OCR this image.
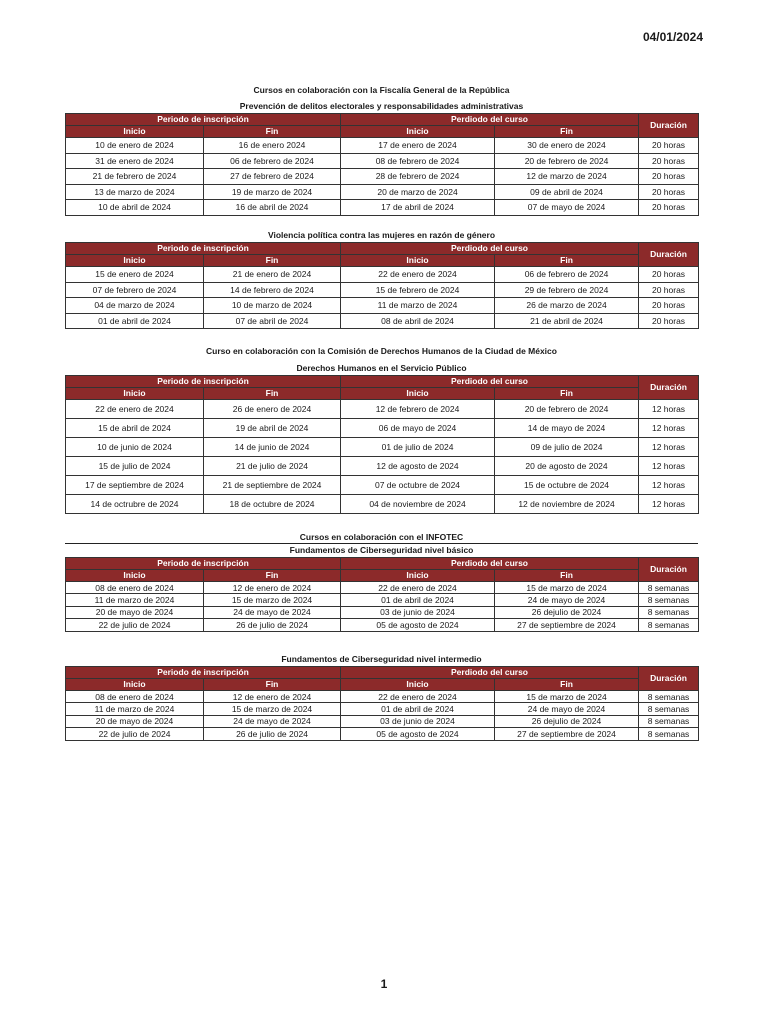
04/01/2024
Cursos en colaboración con la Fiscalía General de la República
Prevención de delitos electorales y responsabilidades administrativas
Periodo de inscripción		Perdiodo del curso		Duración
Inicio	Fin	Inicio	Fin	
10 de enero de 2024	16 de enero 2024	17 de enero de 2024	30 de enero de 2024	20 horas
31 de enero de 2024	06 de febrero de 2024	08 de febrero de 2024	20 de febrero de 2024	20 horas
21 de febrero de 2024	27 de febrero de 2024	28 de febrero de 2024	12 de marzo de 2024	20 horas
13 de marzo de 2024	19 de marzo de 2024	20 de marzo de 2024	09 de abril de 2024	20 horas
10 de abril de 2024	16 de abril de 2024	17 de abril de 2024	07 de mayo de 2024	20 horas
Violencia política contra las mujeres en razón de género
Periodo de inscripción		Perdiodo del curso		Duración
Inicio	Fin	Inicio	Fin	
15 de enero de 2024	21 de enero de 2024	22 de enero de 2024	06 de febrero de 2024	20 horas
07 de febrero de 2024	14 de febrero de 2024	15 de febrero de 2024	29 de febrero de 2024	20 horas
04 de marzo de 2024	10 de marzo de 2024	11 de marzo de 2024	26 de marzo de 2024	20 horas
01 de abril de 2024	07 de abril de 2024	08 de abril de 2024	21 de abril de 2024	20 horas
Curso en colaboración con la Comisión de Derechos Humanos de la Ciudad de México
Derechos Humanos en el Servicio Público
Periodo de inscripción		Perdiodo del curso		Duración
Inicio	Fin	Inicio	Fin	
22 de enero de 2024	26 de enero de 2024	12 de febrero de 2024	20 de febrero de 2024	12 horas
15 de abril de 2024	19 de abril de 2024	06 de mayo de 2024	14 de mayo de 2024	12 horas
10 de junio de 2024	14 de junio de 2024	01 de julio de 2024	09 de julio de 2024	12 horas
15 de julio de 2024	21 de julio de 2024	12 de agosto de 2024	20 de agosto de 2024	12 horas
17 de septiembre de 2024	21 de septiembre de 2024	07 de octubre de 2024	15 de octubre de 2024	12 horas
14 de octrubre de 2024	18 de octubre de 2024	04 de noviembre de 2024	12 de noviembre de 2024	12 horas
Cursos en colaboración con el INFOTEC
Fundamentos de Ciberseguridad nivel básico
Periodo de inscripción		Perdiodo del curso		Duración
Inicio	Fin	Inicio	Fin	
08 de enero de 2024	12 de enero de 2024	22 de enero de 2024	15 de marzo de 2024	8 semanas
11 de marzo de 2024	15 de marzo de 2024	01 de abril de 2024	24 de mayo de 2024	8 semanas
20 de mayo de 2024	24 de mayo de 2024	03 de junio de 2024	26 dejulio de 2024	8 semanas
22 de julio de 2024	26 de julio de 2024	05 de agosto de 2024	27 de septiembre de 2024	8 semanas
Fundamentos de Ciberseguridad nivel intermedio
Periodo de inscripción		Perdiodo del curso		Duración
Inicio	Fin	Inicio	Fin	
08 de enero de 2024	12 de enero de 2024	22 de enero de 2024	15 de marzo de 2024	8 semanas
11 de marzo de 2024	15 de marzo de 2024	01 de abril de 2024	24 de mayo de 2024	8 semanas
20 de mayo de 2024	24 de mayo de 2024	03 de junio de 2024	26 dejulio de 2024	8 semanas
22 de julio de 2024	26 de julio de 2024	05 de agosto de 2024	27 de septiembre de 2024	8 semanas
1
